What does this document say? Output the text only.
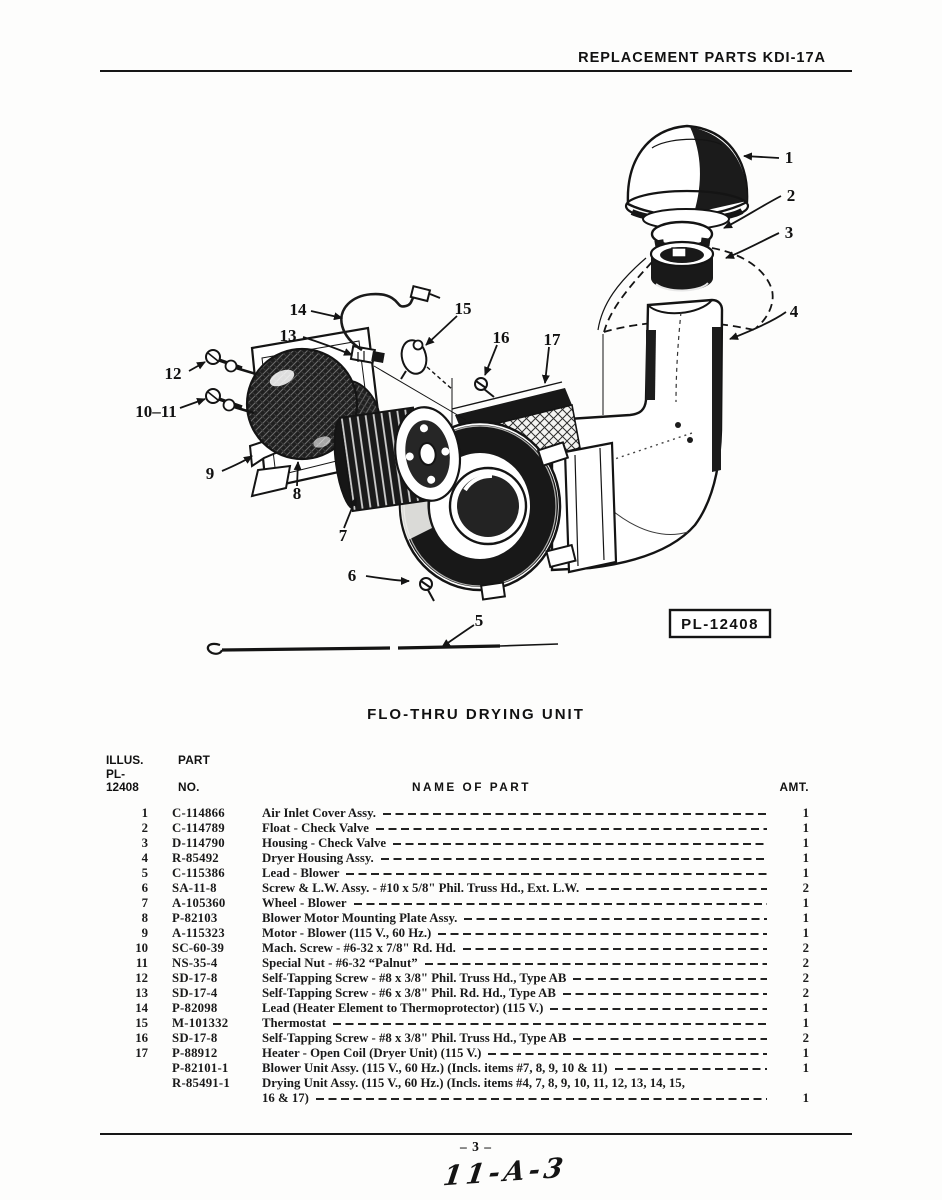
REPLACEMENT PARTS KDI-17A
1
2
3
4
14
13
15
16 17
12
10–11
9
8
7
6
5	PL-12408
FLO-THRU DRYING UNIT
ILLUS.	PART
PL-12408	NO.	NAME OF PART	AMT.
1 C-114866	Air Inlet Cover Assy.	1
2 C-114789	Float - Check Valve	1
3 D-114790	Housing - Check Valve	1
4 R-85492	Dryer Housing Assy.	1
5 C-115386	Lead - Blower	1
6 SA-11-8	Screw & L.W. Assy. - #10 x 5/8" Phil. Truss Hd., Ext. L.W.	2
7 A-105360	Wheel - Blower	1
8 P-82103	Blower Motor Mounting Plate Assy.	1
9 A-115323	Motor - Blower (115 V., 60 Hz.)	1
10 SC-60-39	Mach. Screw - #6-32 x 7/8" Rd. Hd.	2
11 NS-35-4	Special Nut - #6-32 “Palnut”	2
12 SD-17-8	Self-Tapping Screw - #8 x 3/8" Phil. Truss Hd., Type AB	2
13 SD-17-4	Self-Tapping Screw - #6 x 3/8" Phil. Rd. Hd., Type AB	2
14 P-82098	Lead (Heater Element to Thermoprotector) (115 V.)	1
15 M-101332	Thermostat	1
16 SD-17-8	Self-Tapping Screw - #8 x 3/8" Phil. Truss Hd., Type AB	2
17 P-88912	Heater - Open Coil (Dryer Unit) (115 V.)	1
P-82101-1	Blower Unit Assy. (115 V., 60 Hz.) (Incls. items #7, 8, 9, 10 & 11)	1
R-85491-1	Drying Unit Assy. (115 V., 60 Hz.) (Incls. items #4, 7, 8, 9, 10, 11, 12, 13, 14, 15,
16 & 17)	1
– 3 –
11-A-3
